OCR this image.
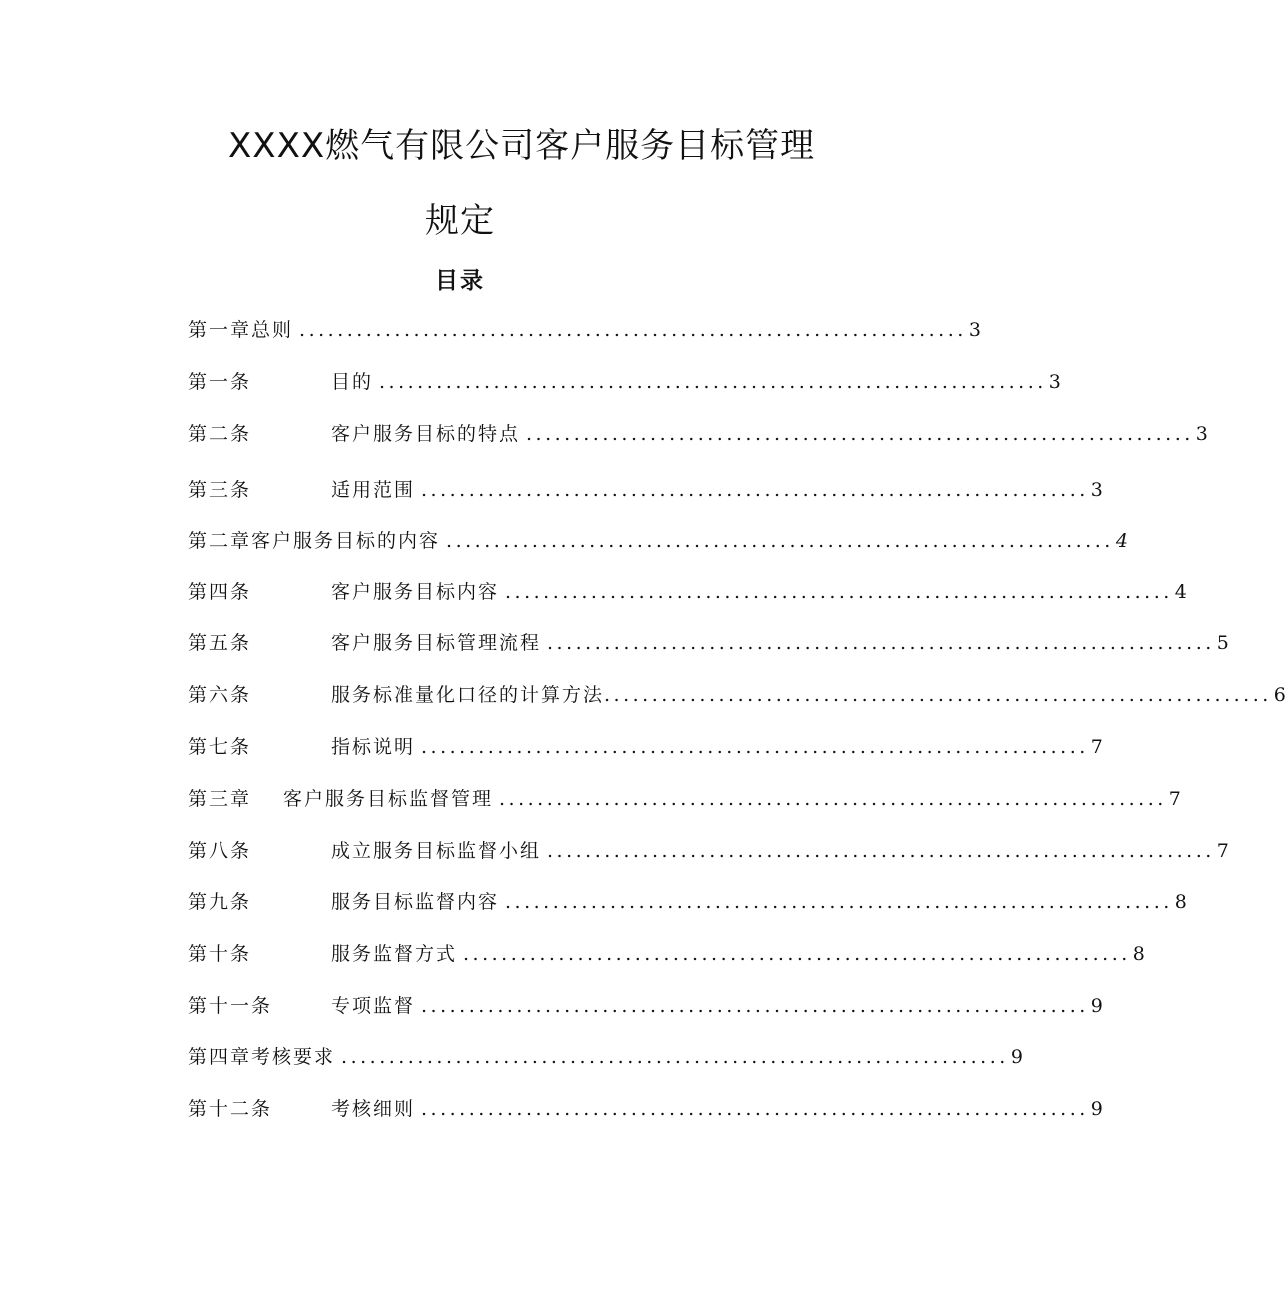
XXXX燃气有限公司客户服务目标管理
规定
目录
第一章 总则 ...................................................................... 3
第一条	目的 ...................................................................... 3
第二条	客户服务目标的特点 ...................................................................... 3
第三条	适用范围 ...................................................................... 3
第二章 客户服务目标的内容 ...................................................................... 4
第四条	客户服务目标内容 ...................................................................... 4
第五条	客户服务目标管理流程 ...................................................................... 5
第六条	服务标准量化口径的计算方法 ...................................................................... 6
第七条	指标说明 ...................................................................... 7
第三章	客户服务目标监督管理 ...................................................................... 7
第八条	成立服务目标监督小组 ...................................................................... 7
第九条	服务目标监督内容 ...................................................................... 8
第十条	服务监督方式 ...................................................................... 8
第十一条	专项监督 ...................................................................... 9
第四章 考核要求 ...................................................................... 9
第十二条	考核细则 ...................................................................... 9
